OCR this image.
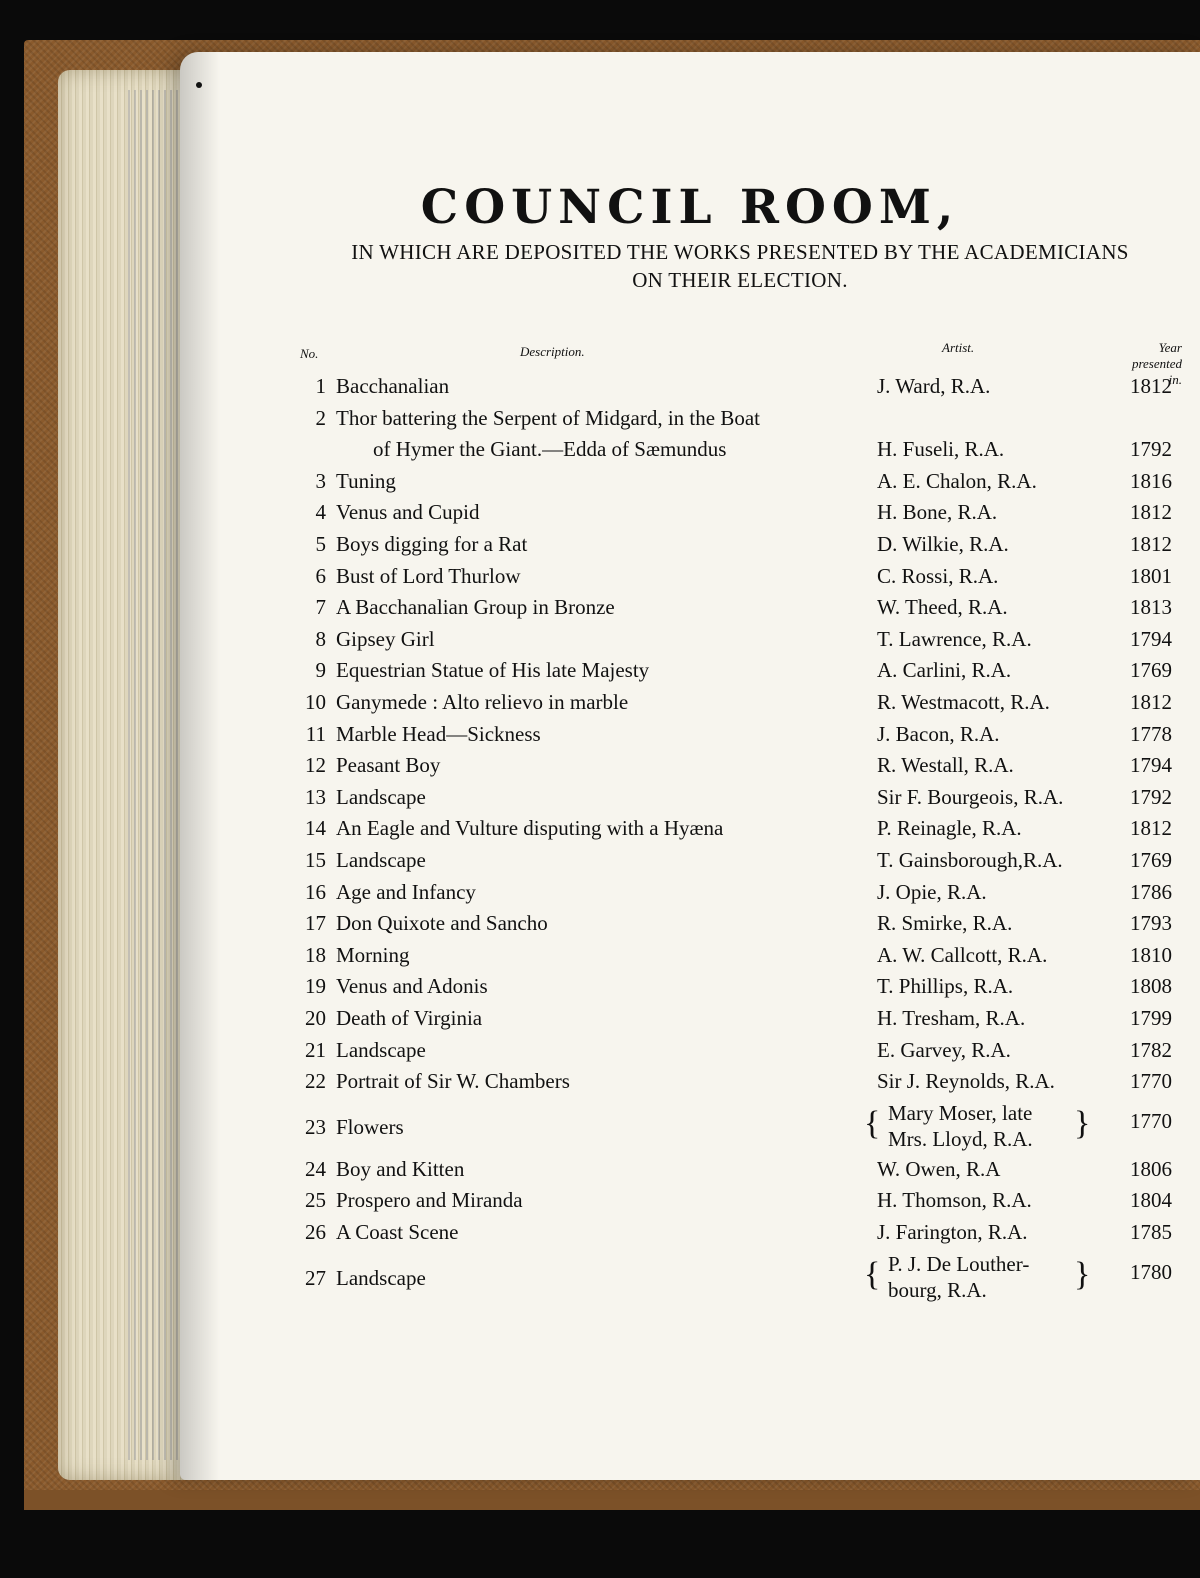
COUNCIL ROOM,
IN WHICH ARE DEPOSITED THE WORKS PRESENTED BY THE ACADEMICIANS
ON THEIR ELECTION.
No.	Description.	Artist.	Year
presented in.
1 Bacchanalian	J. Ward, R.A.	1812
2 Thor battering the Serpent of Midgard, in the Boat
of Hymer the Giant.—Edda of Sæmundus	H. Fuseli, R.A.	1792
3 Tuning	A. E. Chalon, R.A.	1816
4 Venus and Cupid	H. Bone, R.A.	1812
5 Boys digging for a Rat	D. Wilkie, R.A.	1812
6 Bust of Lord Thurlow	C. Rossi, R.A.	1801
7 A Bacchanalian Group in Bronze	W. Theed, R.A.	1813
8 Gipsey Girl	T. Lawrence, R.A.	1794
9 Equestrian Statue of His late Majesty	A. Carlini, R.A.	1769
10 Ganymede : Alto relievo in marble	R. Westmacott, R.A.	1812
11 Marble Head—Sickness	J. Bacon, R.A.	1778
12 Peasant Boy	R. Westall, R.A.	1794
13 Landscape	Sir F. Bourgeois, R.A.	1792
14 An Eagle and Vulture disputing with a Hyæna	P. Reinagle, R.A.	1812
15 Landscape	T. Gainsborough,R.A.	1769
16 Age and Infancy	J. Opie, R.A.	1786
17 Don Quixote and Sancho	R. Smirke, R.A.	1793
18 Morning	A. W. Callcott, R.A.	1810
19 Venus and Adonis	T. Phillips, R.A.	1808
20 Death of Virginia	H. Tresham, R.A.	1799
21 Landscape	E. Garvey, R.A.	1782
22 Portrait of Sir W. Chambers	Sir J. Reynolds, R.A.	1770
23 Flowers	{ Mary Moser, late
Mrs. Lloyd, R.A. } 1770
24 Boy and Kitten	W. Owen, R.A	1806
25 Prospero and Miranda	H. Thomson, R.A.	1804
26 A Coast Scene	J. Farington, R.A.	1785
27 Landscape	{ P. J. De Louther-
bourg, R.A.	} 1780
